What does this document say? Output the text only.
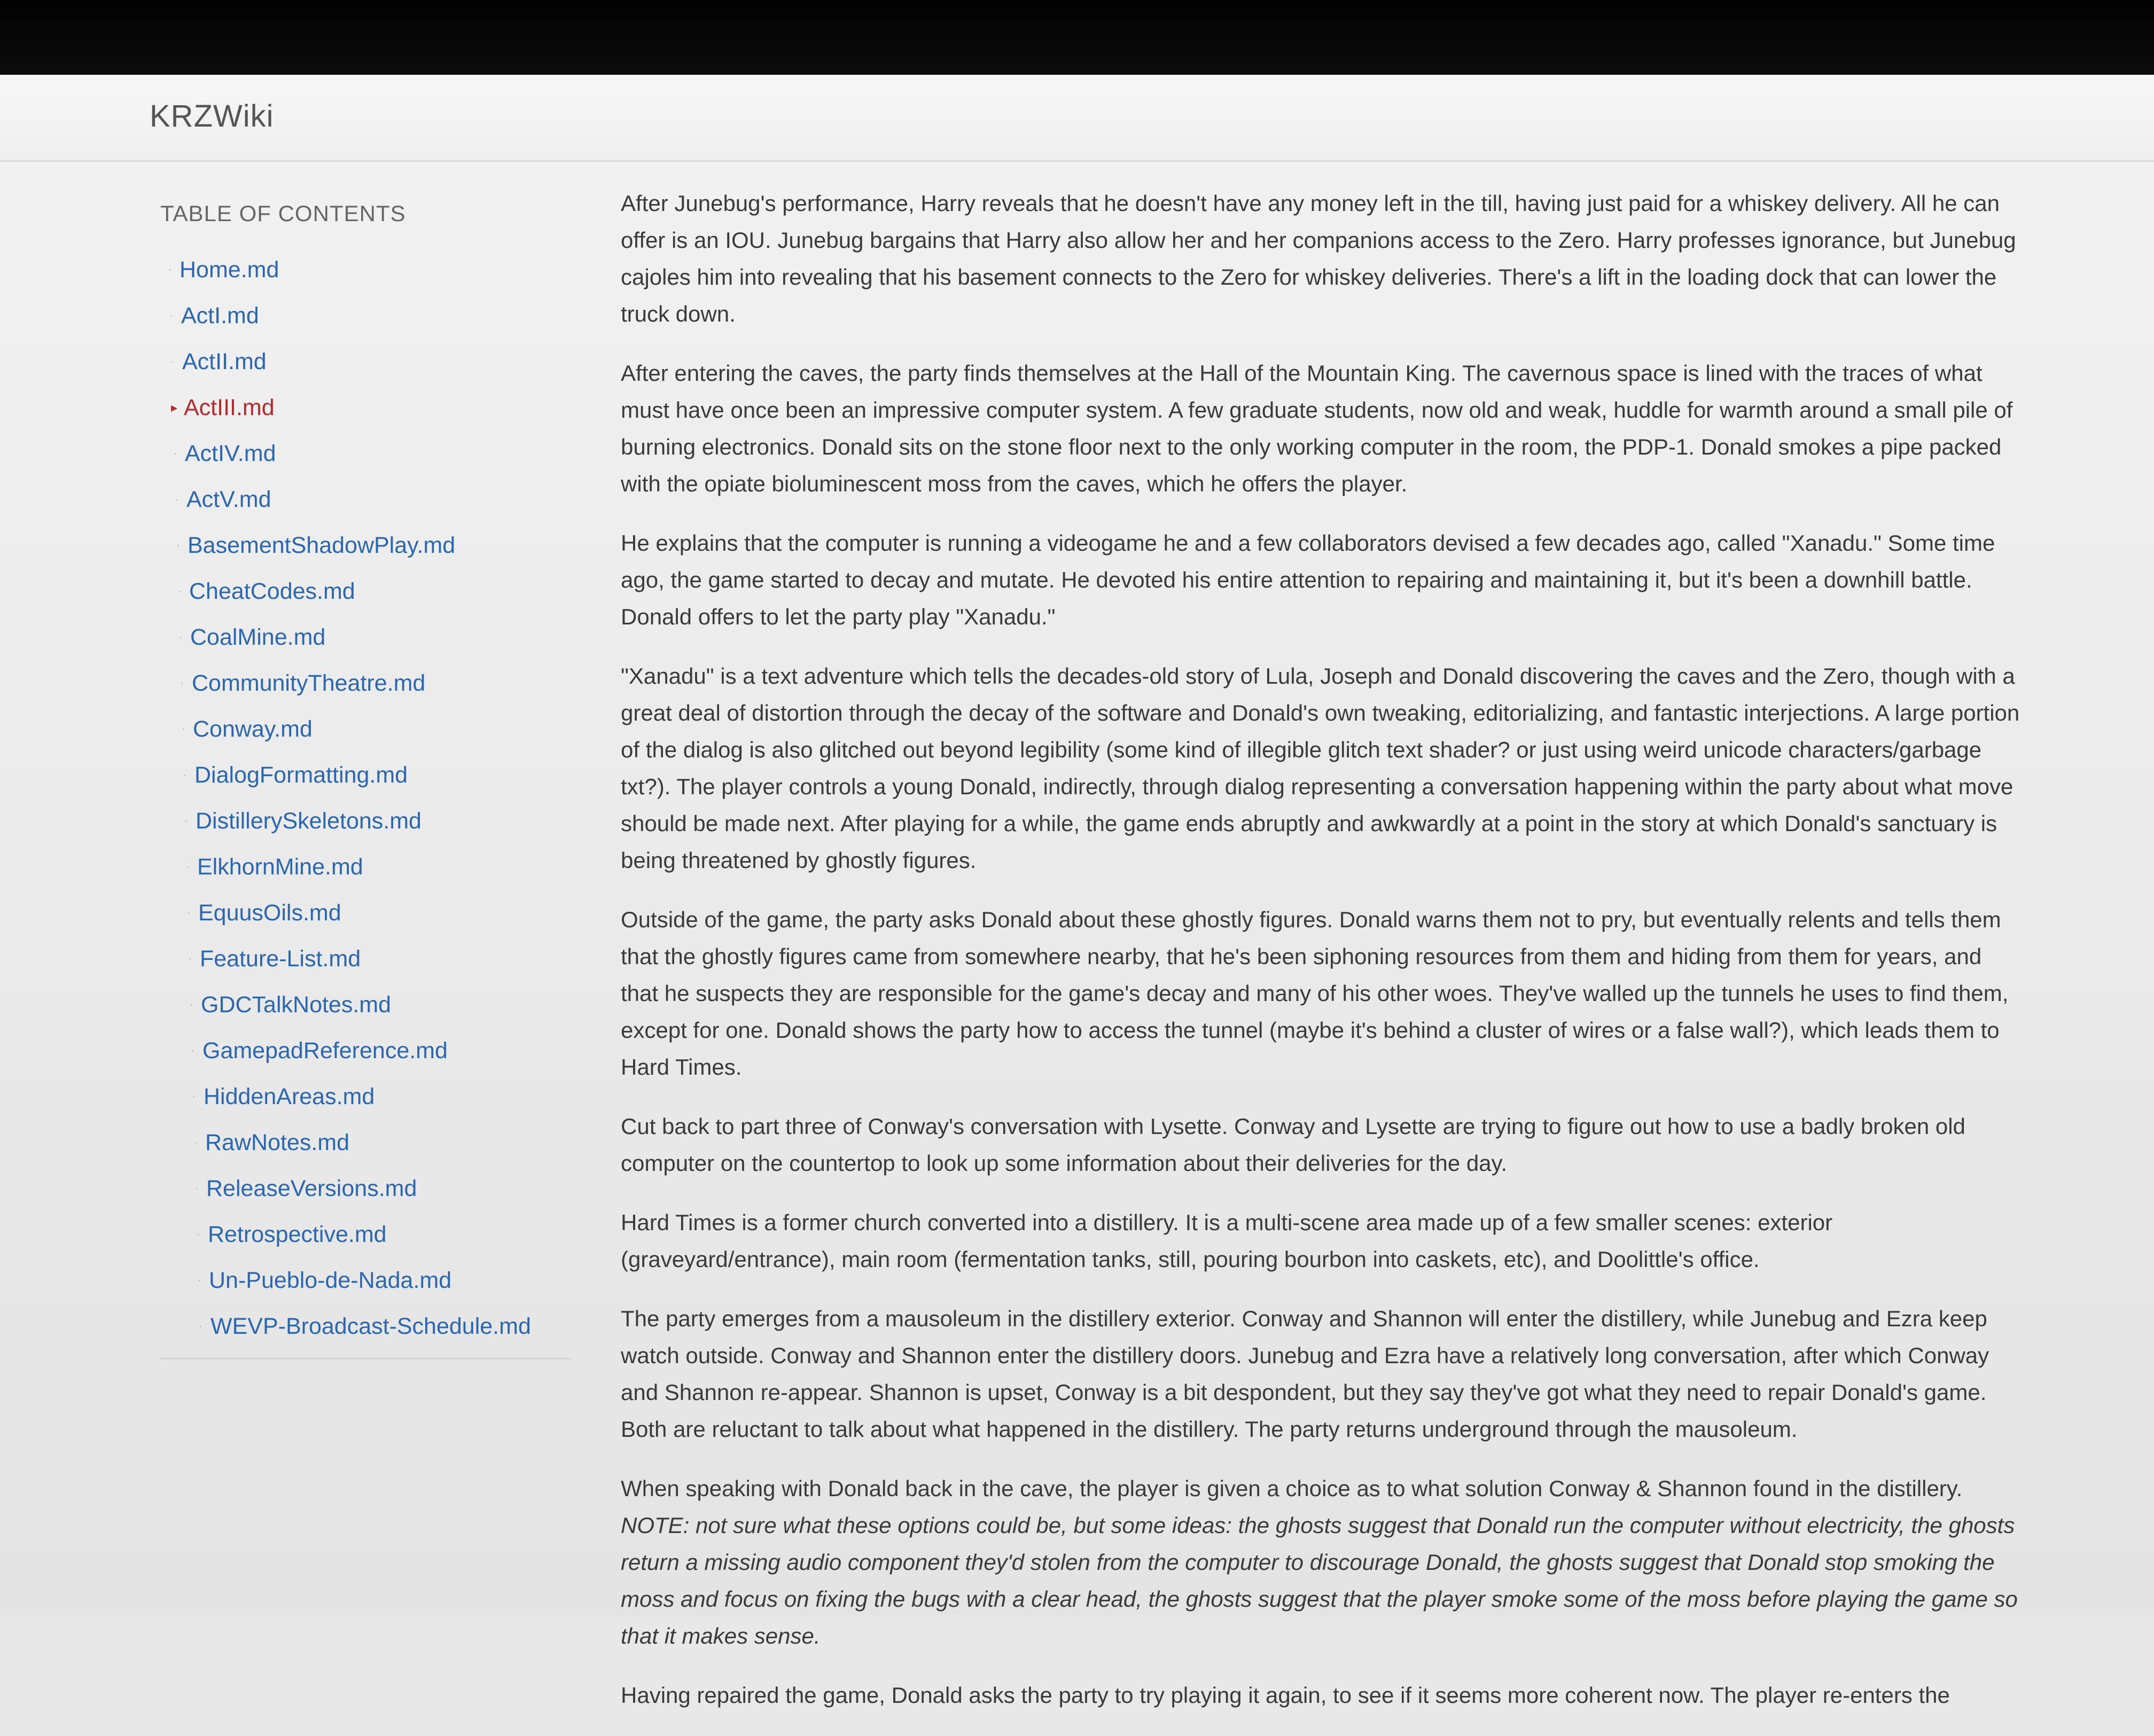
KRZWiki
TABLE OF CONTENTS
· Home.md
· ActI.md
· ActII.md
▸ ActIII.md
· ActIV.md
· ActV.md
· BasementShadowPlay.md
· CheatCodes.md
· CoalMine.md
· CommunityTheatre.md
· Conway.md
· DialogFormatting.md
· DistillerySkeletons.md
· ElkhornMine.md
· EquusOils.md
· Feature-List.md
· GDCTalkNotes.md
· GamepadReference.md
· HiddenAreas.md
· RawNotes.md
· ReleaseVersions.md
· Retrospective.md
· Un-Pueblo-de-Nada.md
· WEVP-Broadcast-Schedule.md

After Junebug's performance, Harry reveals that he doesn't have any money left in the till, having just paid for a whiskey delivery. All he can offer is an IOU. Junebug bargains that Harry also allow her and her companions access to the Zero. Harry professes ignorance, but Junebug cajoles him into revealing that his basement connects to the Zero for whiskey deliveries. There's a lift in the loading dock that can lower the truck down.

After entering the caves, the party finds themselves at the Hall of the Mountain King. The cavernous space is lined with the traces of what must have once been an impressive computer system. A few graduate students, now old and weak, huddle for warmth around a small pile of burning electronics. Donald sits on the stone floor next to the only working computer in the room, the PDP-1. Donald smokes a pipe packed with the opiate bioluminescent moss from the caves, which he offers the player.

He explains that the computer is running a videogame he and a few collaborators devised a few decades ago, called "Xanadu." Some time ago, the game started to decay and mutate. He devoted his entire attention to repairing and maintaining it, but it's been a downhill battle. Donald offers to let the party play "Xanadu."

"Xanadu" is a text adventure which tells the decades-old story of Lula, Joseph and Donald discovering the caves and the Zero, though with a great deal of distortion through the decay of the software and Donald's own tweaking, editorializing, and fantastic interjections. A large portion of the dialog is also glitched out beyond legibility (some kind of illegible glitch text shader? or just using weird unicode characters/garbage txt?). The player controls a young Donald, indirectly, through dialog representing a conversation happening within the party about what move should be made next. After playing for a while, the game ends abruptly and awkwardly at a point in the story at which Donald's sanctuary is being threatened by ghostly figures.

Outside of the game, the party asks Donald about these ghostly figures. Donald warns them not to pry, but eventually relents and tells them that the ghostly figures came from somewhere nearby, that he's been siphoning resources from them and hiding from them for years, and that he suspects they are responsible for the game's decay and many of his other woes. They've walled up the tunnels he uses to find them, except for one. Donald shows the party how to access the tunnel (maybe it's behind a cluster of wires or a false wall?), which leads them to Hard Times.

Cut back to part three of Conway's conversation with Lysette. Conway and Lysette are trying to figure out how to use a badly broken old computer on the countertop to look up some information about their deliveries for the day.

Hard Times is a former church converted into a distillery. It is a multi-scene area made up of a few smaller scenes: exterior (graveyard/entrance), main room (fermentation tanks, still, pouring bourbon into caskets, etc), and Doolittle's office.

The party emerges from a mausoleum in the distillery exterior. Conway and Shannon will enter the distillery, while Junebug and Ezra keep watch outside. Conway and Shannon enter the distillery doors. Junebug and Ezra have a relatively long conversation, after which Conway and Shannon re-appear. Shannon is upset, Conway is a bit despondent, but they say they've got what they need to repair Donald's game. Both are reluctant to talk about what happened in the distillery. The party returns underground through the mausoleum.

When speaking with Donald back in the cave, the player is given a choice as to what solution Conway & Shannon found in the distillery.
NOTE: not sure what these options could be, but some ideas: the ghosts suggest that Donald run the computer without electricity, the ghosts return a missing audio component they'd stolen from the computer to discourage Donald, the ghosts suggest that Donald stop smoking the moss and focus on fixing the bugs with a clear head, the ghosts suggest that the player smoke some of the moss before playing the game so that it makes sense.

Having repaired the game, Donald asks the party to try playing it again, to see if it seems more coherent now. The player re-enters the
